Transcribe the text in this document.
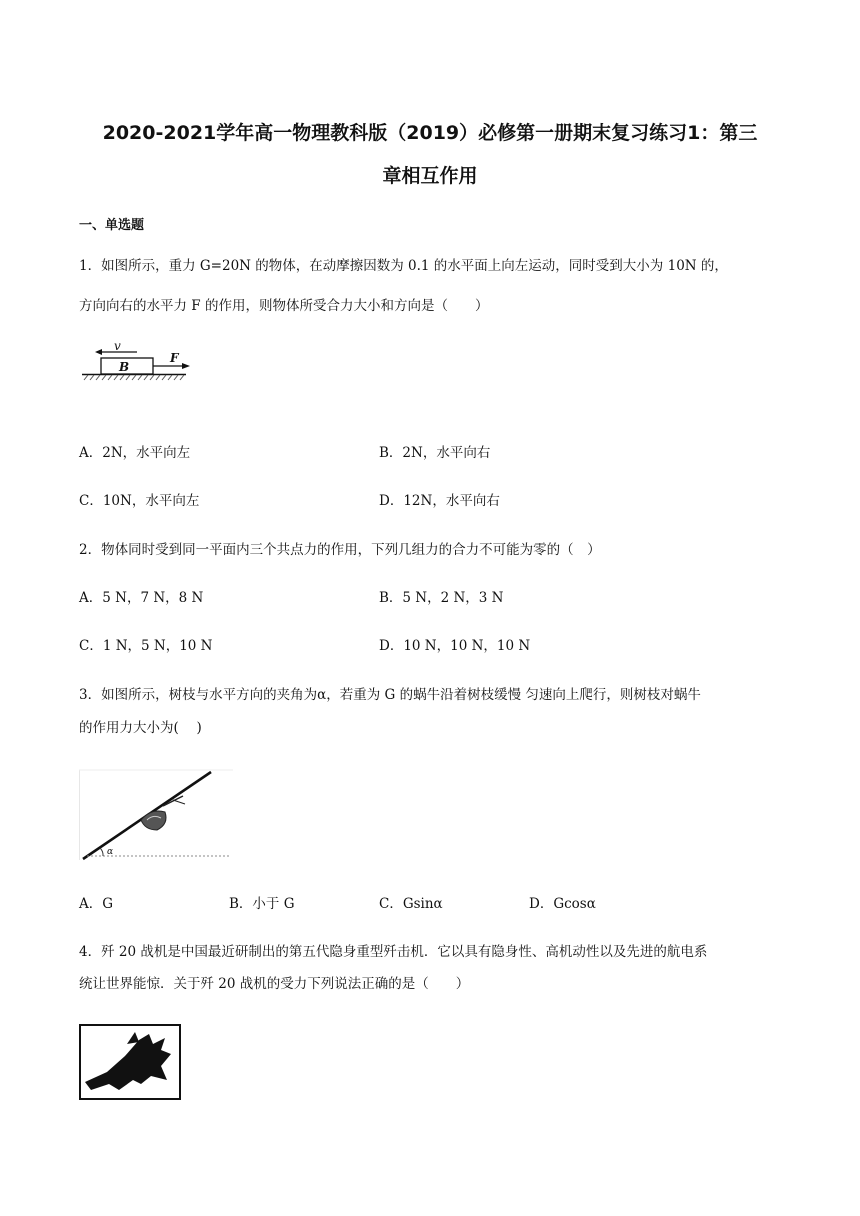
2020-2021学年高一物理教科版（2019）必修第一册期末复习练习1：第三
章相互作用
一、单选题
1．如图所示，重力 G=20N 的物体，在动摩擦因数为 0.1 的水平面上向左运动，同时受到大小为 10N 的，
方向向右的水平力 F 的作用，则物体所受合力大小和方向是（　　）
v
B
F
A．2N，水平向左	B．2N，水平向右
C．10N，水平向左	D．12N，水平向右
2．物体同时受到同一平面内三个共点力的作用，下列几组力的合力不可能为零的（　）
A．5 N，7 N，8 N	B．5 N，2 N，3 N
C．1 N，5 N，10 N	D．10 N，10 N，10 N
3．如图所示，树枝与水平方向的夹角为α，若重为 G 的蜗牛沿着树枝缓慢 匀速向上爬行，则树枝对蜗牛
的作用力大小为(　 )
α
A．G	B．小于 G	C．Gsinα	D．Gcosα
4．歼 20 战机是中国最近研制出的第五代隐身重型歼击机．它以具有隐身性、高机动性以及先进的航电系
统让世界能惊．关于歼 20 战机的受力下列说法正确的是（　　）
